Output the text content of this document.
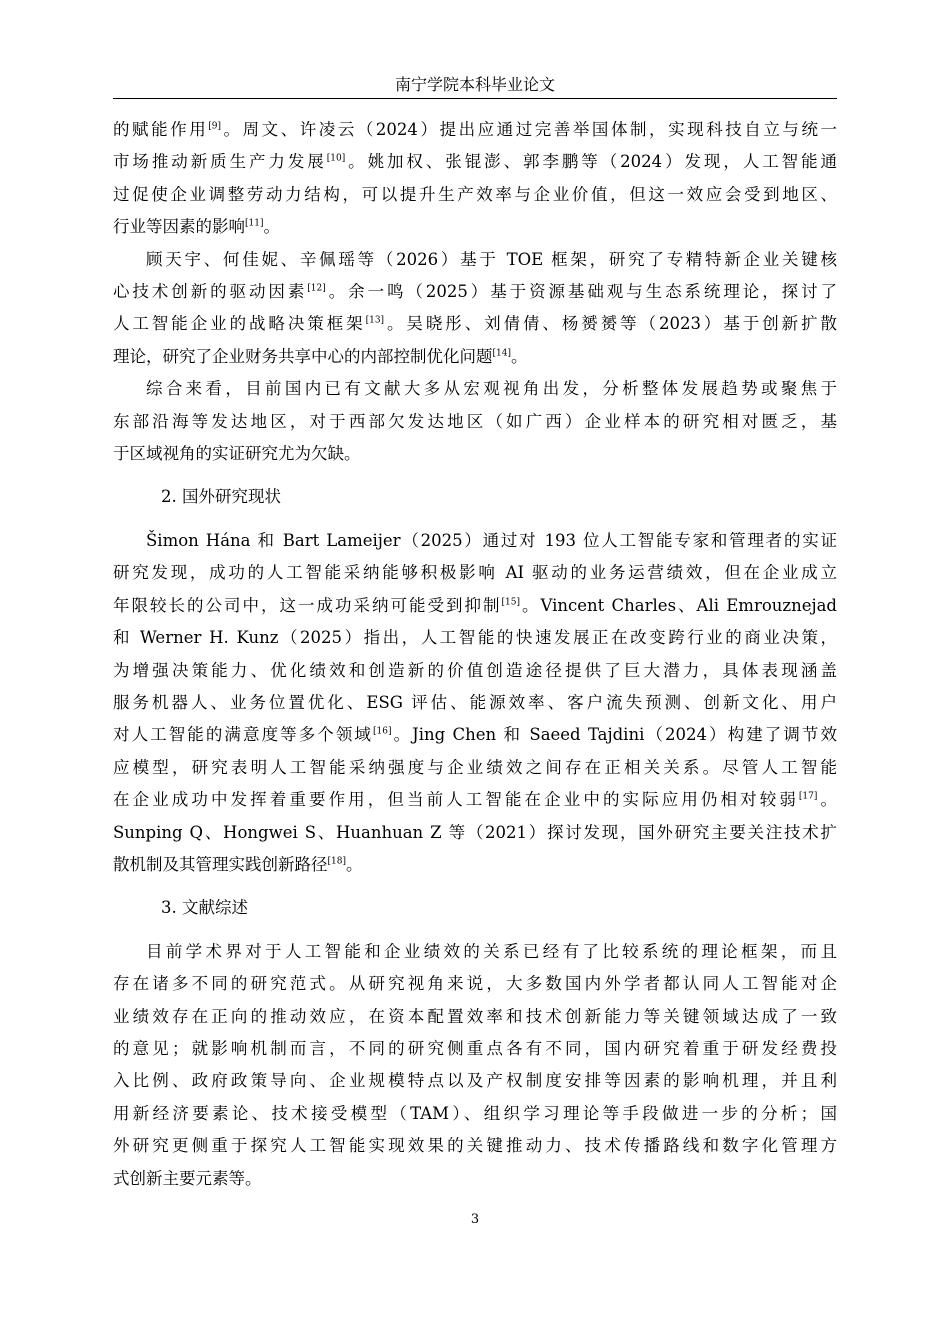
南宁学院本科毕业论文

的赋能作用[9]。周文、许凌云（2024）提出应通过完善举国体制，实现科技自立与统一
市场推动新质生产力发展[10]。姚加权、张锟澎、郭李鹏等（2024）发现，人工智能通
过促使企业调整劳动力结构，可以提升生产效率与企业价值，但这一效应会受到地区、
行业等因素的影响[11]。

顾天宇、何佳妮、辛佩瑶等（2026）基于 TOE 框架，研究了专精特新企业关键核
心技术创新的驱动因素[12]。余一鸣（2025）基于资源基础观与生态系统理论，探讨了
人工智能企业的战略决策框架[13]。吴晓彤、刘倩倩、杨赟赟等（2023）基于创新扩散
理论，研究了企业财务共享中心的内部控制优化问题[14]。

综合来看，目前国内已有文献大多从宏观视角出发，分析整体发展趋势或聚焦于
东部沿海等发达地区，对于西部欠发达地区（如广西）企业样本的研究相对匮乏，基
于区域视角的实证研究尤为欠缺。

2. 国外研究现状

Šimon Hána 和 Bart Lameijer（2025）通过对 193 位人工智能专家和管理者的实证
研究发现，成功的人工智能采纳能够积极影响 AI 驱动的业务运营绩效，但在企业成立
年限较长的公司中，这一成功采纳可能受到抑制[15]。Vincent Charles、Ali Emrouznejad
和 Werner H. Kunz（2025）指出，人工智能的快速发展正在改变跨行业的商业决策，
为增强决策能力、优化绩效和创造新的价值创造途径提供了巨大潜力，具体表现涵盖
服务机器人、业务位置优化、ESG 评估、能源效率、客户流失预测、创新文化、用户
对人工智能的满意度等多个领域[16]。Jing Chen 和 Saeed Tajdini（2024）构建了调节效
应模型，研究表明人工智能采纳强度与企业绩效之间存在正相关关系。尽管人工智能
在企业成功中发挥着重要作用，但当前人工智能在企业中的实际应用仍相对较弱[17]。
Sunping Q、Hongwei S、Huanhuan Z 等（2021）探讨发现，国外研究主要关注技术扩
散机制及其管理实践创新路径[18]。

3. 文献综述

目前学术界对于人工智能和企业绩效的关系已经有了比较系统的理论框架，而且
存在诸多不同的研究范式。从研究视角来说，大多数国内外学者都认同人工智能对企
业绩效存在正向的推动效应，在资本配置效率和技术创新能力等关键领域达成了一致
的意见；就影响机制而言，不同的研究侧重点各有不同，国内研究着重于研发经费投
入比例、政府政策导向、企业规模特点以及产权制度安排等因素的影响机理，并且利
用新经济要素论、技术接受模型（TAM）、组织学习理论等手段做进一步的分析；国
外研究更侧重于探究人工智能实现效果的关键推动力、技术传播路线和数字化管理方
式创新主要元素等。

3
